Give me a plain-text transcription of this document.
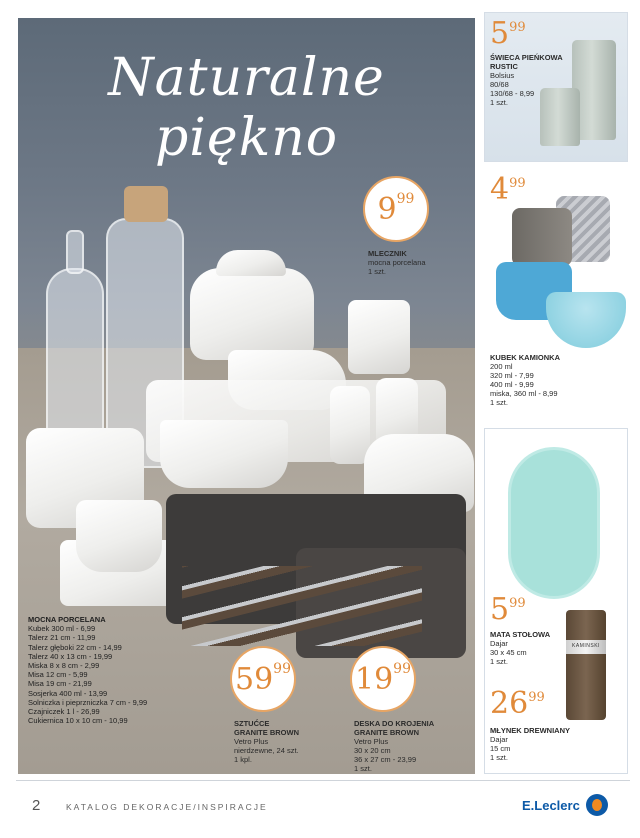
Naturalne piękno
9 99
MLECZNIK
mocna porcelana
1 szt.
59 99
SZTUĆCE
GRANITE BROWN
Vetro Plus
nierdzewne, 24 szt.
1 kpl.
19 99
DESKA DO KROJENIA
GRANITE BROWN
Vetro Plus
30 x 20 cm
36 x 27 cm - 23,99
1 szt.
MOCNA PORCELANA
Kubek 300 ml - 6,99
Talerz 21 cm - 11,99
Talerz głęboki 22 cm - 14,99
Talerz 40 x 13 cm - 19,99
Miska 8 x 8 cm - 2,99
Misa 12 cm - 5,99
Misa 19 cm - 21,99
Sosjerka 400 ml - 13,99
Solniczka i pieprzniczka 7 cm - 9,99
Czajniczek 1 l - 26,99
Cukiernica 10 x 10 cm - 10,99
$5^{99}$
ŚWIECA PIEŃKOWA
RUSTIC
Bolsius
80/68
130/68 - 8,99
1 szt.
$4^{99}$
KUBEK KAMIONKA
200 ml
320 ml - 7,99
400 ml - 9,99
miska, 360 ml - 8,99
1 szt.
KAMINSKI
$5^{99}$
MATA STOŁOWA
Dajar
30 x 45 cm
1 szt.
$26^{99}$
MŁYNEK DREWNIANY
Dajar
15 cm
1 szt.
2	KATALOG DEKORACJE/INSPIRACJE	E.Leclerc
